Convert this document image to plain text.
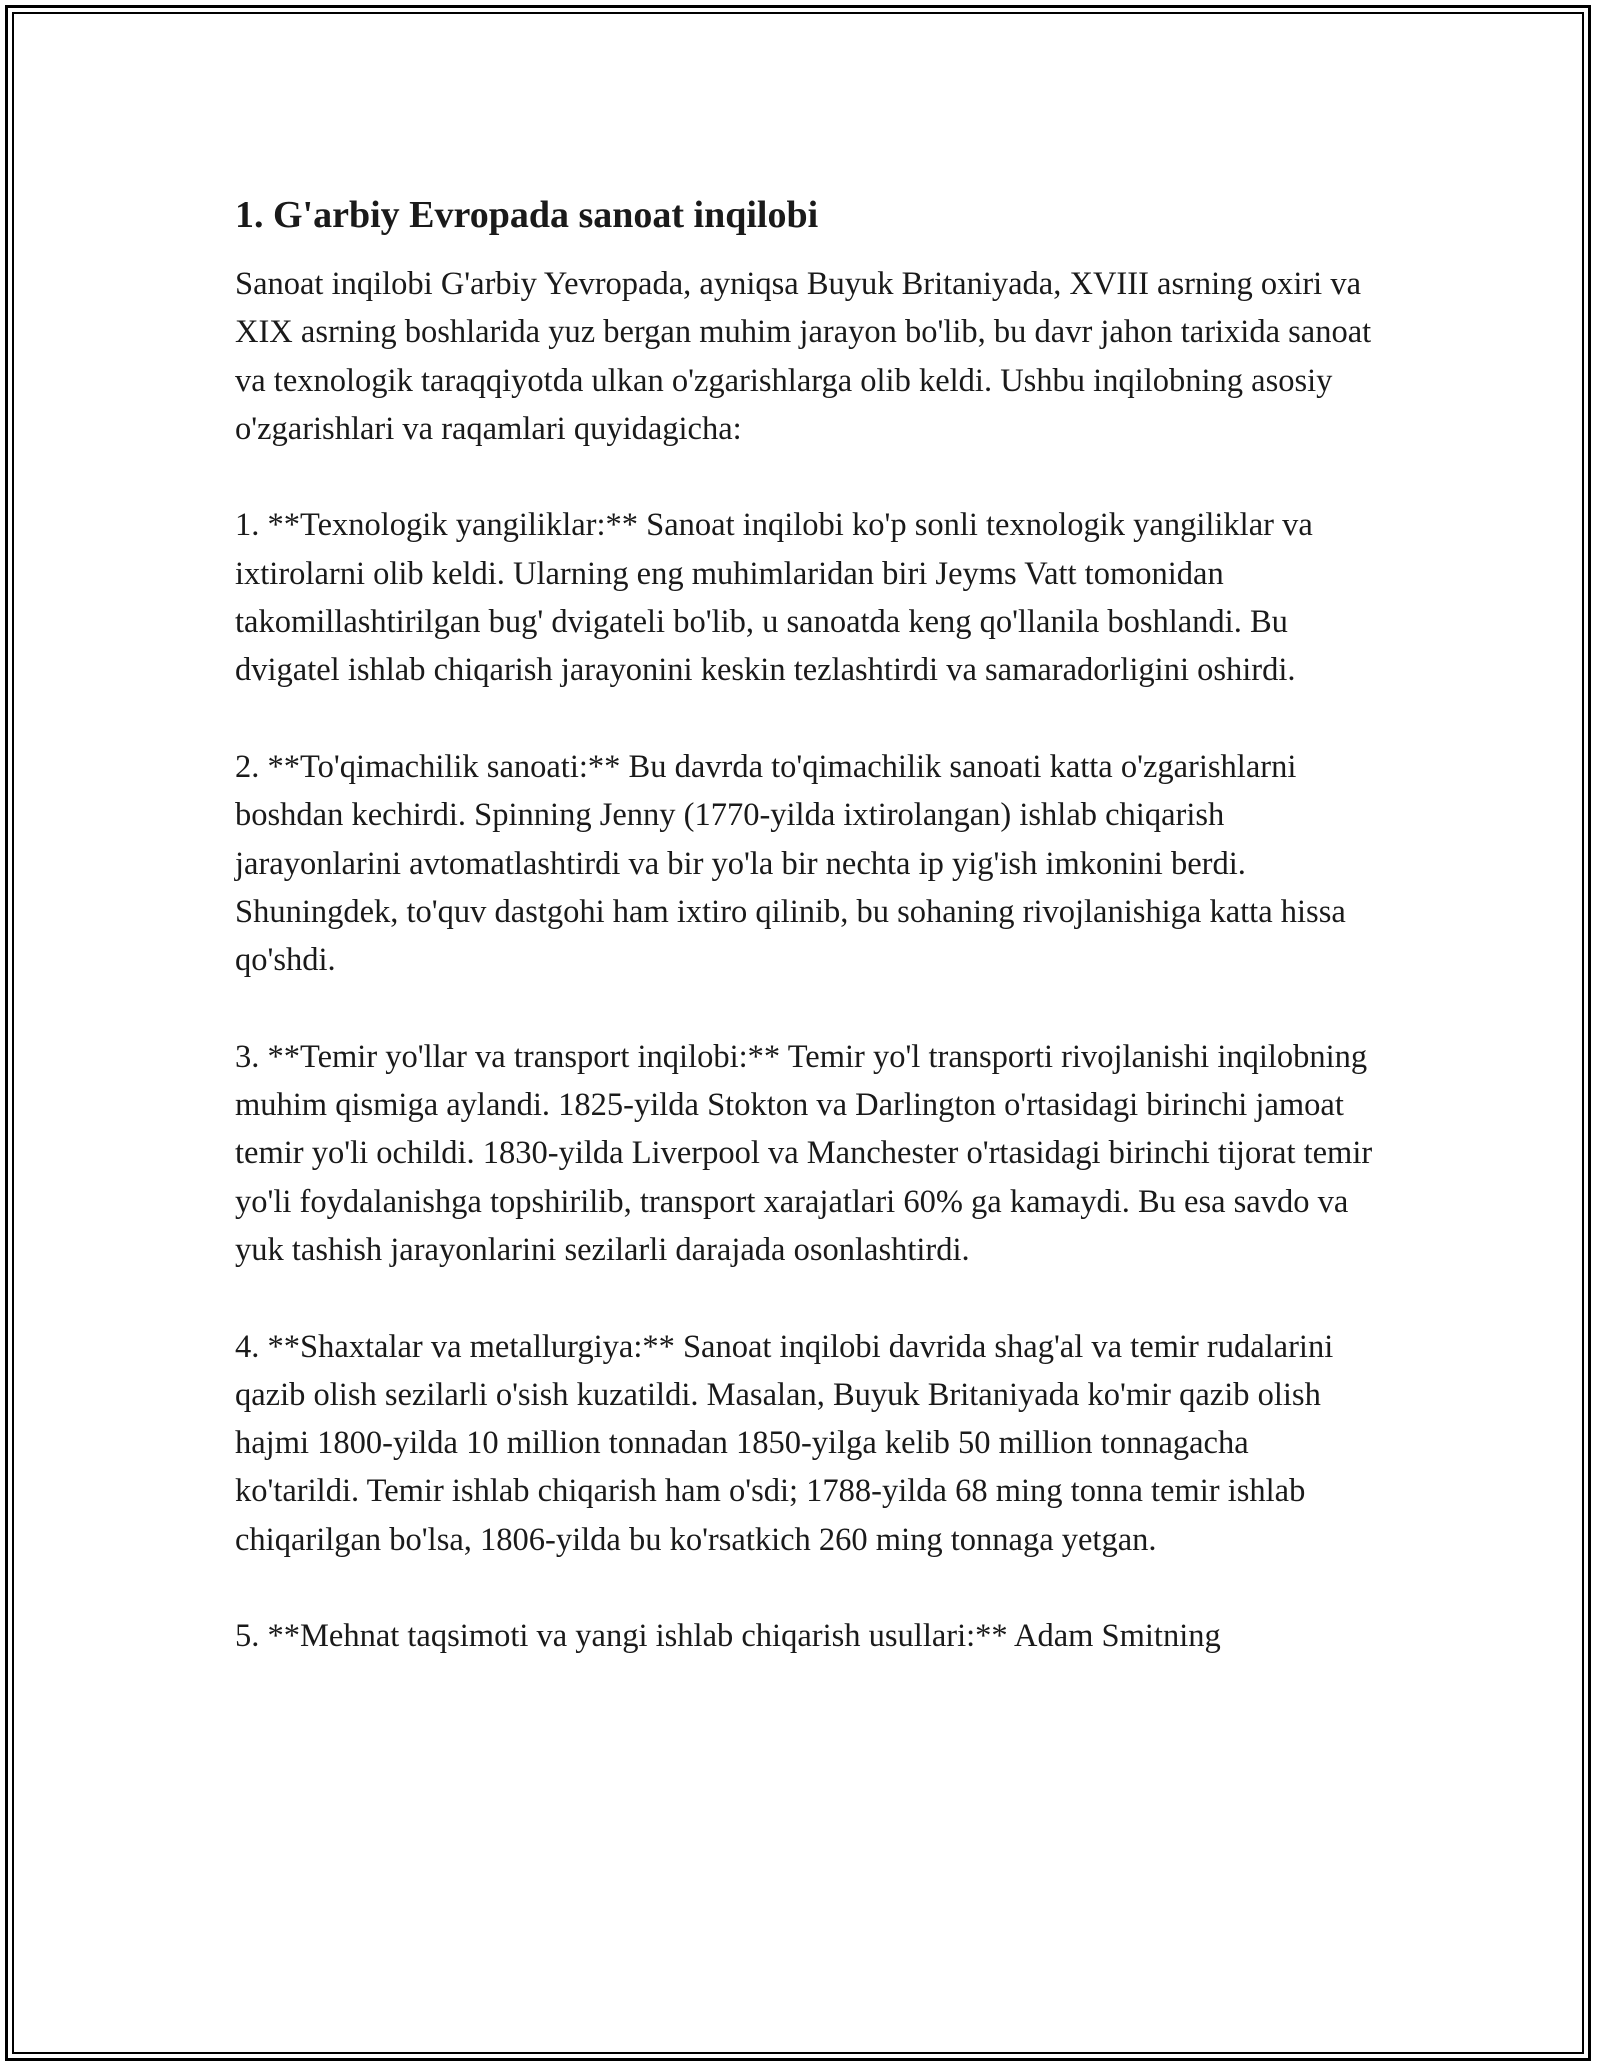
1. G'arbiy Evropada sanoat inqilobi

Sanoat inqilobi G'arbiy Yevropada, ayniqsa Buyuk Britaniyada, XVIII asrning oxiri va XIX asrning boshlarida yuz bergan muhim jarayon bo'lib, bu davr jahon tarixida sanoat va texnologik taraqqiyotda ulkan o'zgarishlarga olib keldi. Ushbu inqilobning asosiy o'zgarishlari va raqamlari quyidagicha:

1. **Texnologik yangiliklar:** Sanoat inqilobi ko'p sonli texnologik yangiliklar va ixtirolarni olib keldi. Ularning eng muhimlaridan biri Jeyms Vatt tomonidan takomillashtirilgan bug' dvigateli bo'lib, u sanoatda keng qo'llanila boshlandi. Bu dvigatel ishlab chiqarish jarayonini keskin tezlashtirdi va samaradorligini oshirdi.

2. **To'qimachilik sanoati:** Bu davrda to'qimachilik sanoati katta o'zgarishlarni boshdan kechirdi. Spinning Jenny (1770-yilda ixtirolangan) ishlab chiqarish jarayonlarini avtomatlashtirdi va bir yo'la bir nechta ip yig'ish imkonini berdi. Shuningdek, to'quv dastgohi ham ixtiro qilinib, bu sohaning rivojlanishiga katta hissa qo'shdi.

3. **Temir yo'llar va transport inqilobi:** Temir yo'l transporti rivojlanishi inqilobning muhim qismiga aylandi. 1825-yilda Stokton va Darlington o'rtasidagi birinchi jamoat temir yo'li ochildi. 1830-yilda Liverpool va Manchester o'rtasidagi birinchi tijorat temir yo'li foydalanishga topshirilib, transport xarajatlari 60% ga kamaydi. Bu esa savdo va yuk tashish jarayonlarini sezilarli darajada osonlashtirdi.

4. **Shaxtalar va metallurgiya:** Sanoat inqilobi davrida shag'al va temir rudalarini qazib olish sezilarli o'sish kuzatildi. Masalan, Buyuk Britaniyada ko'mir qazib olish hajmi 1800-yilda 10 million tonnadan 1850-yilga kelib 50 million tonnagacha ko'tarildi. Temir ishlab chiqarish ham o'sdi; 1788-yilda 68 ming tonna temir ishlab chiqarilgan bo'lsa, 1806-yilda bu ko'rsatkich 260 ming tonnaga yetgan.

5. **Mehnat taqsimoti va yangi ishlab chiqarish usullari:** Adam Smitning
